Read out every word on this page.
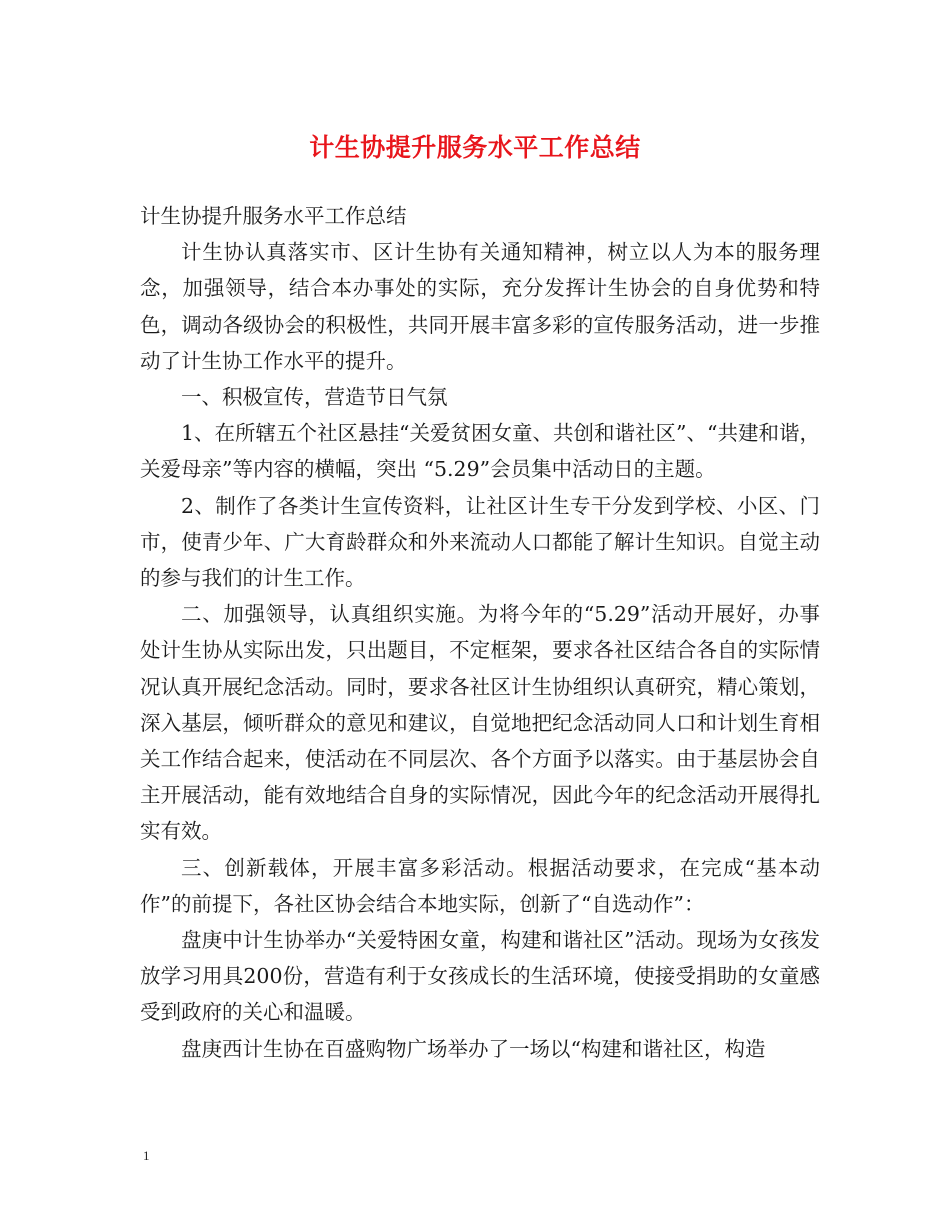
计生协提升服务水平工作总结

计生协提升服务水平工作总结

计生协认真落实市、区计生协有关通知精神，树立以人为本的服务理念，加强领导，结合本办事处的实际，充分发挥计生协会的自身优势和特色，调动各级协会的积极性，共同开展丰富多彩的宣传服务活动，进一步推动了计生协工作水平的提升。

一、积极宣传，营造节日气氛

1、在所辖五个社区悬挂“关爱贫困女童、共创和谐社区”、“共建和谐，关爱母亲”等内容的横幅，突出 “5.29”会员集中活动日的主题。

2、制作了各类计生宣传资料，让社区计生专干分发到学校、小区、门市，使青少年、广大育龄群众和外来流动人口都能了解计生知识。自觉主动的参与我们的计生工作。

二、加强领导，认真组织实施。为将今年的“5.29”活动开展好，办事处计生协从实际出发，只出题目，不定框架，要求各社区结合各自的实际情况认真开展纪念活动。同时，要求各社区计生协组织认真研究，精心策划，深入基层，倾听群众的意见和建议，自觉地把纪念活动同人口和计划生育相关工作结合起来，使活动在不同层次、各个方面予以落实。由于基层协会自主开展活动，能有效地结合自身的实际情况，因此今年的纪念活动开展得扎实有效。

三、创新载体，开展丰富多彩活动。根据活动要求，在完成“基本动作”的前提下，各社区协会结合本地实际，创新了“自选动作”：

盘庚中计生协举办“关爱特困女童，构建和谐社区”活动。现场为女孩发放学习用具200份，营造有利于女孩成长的生活环境，使接受捐助的女童感受到政府的关心和温暖。

盘庚西计生协在百盛购物广场举办了一场以“构建和谐社区，构造

1
